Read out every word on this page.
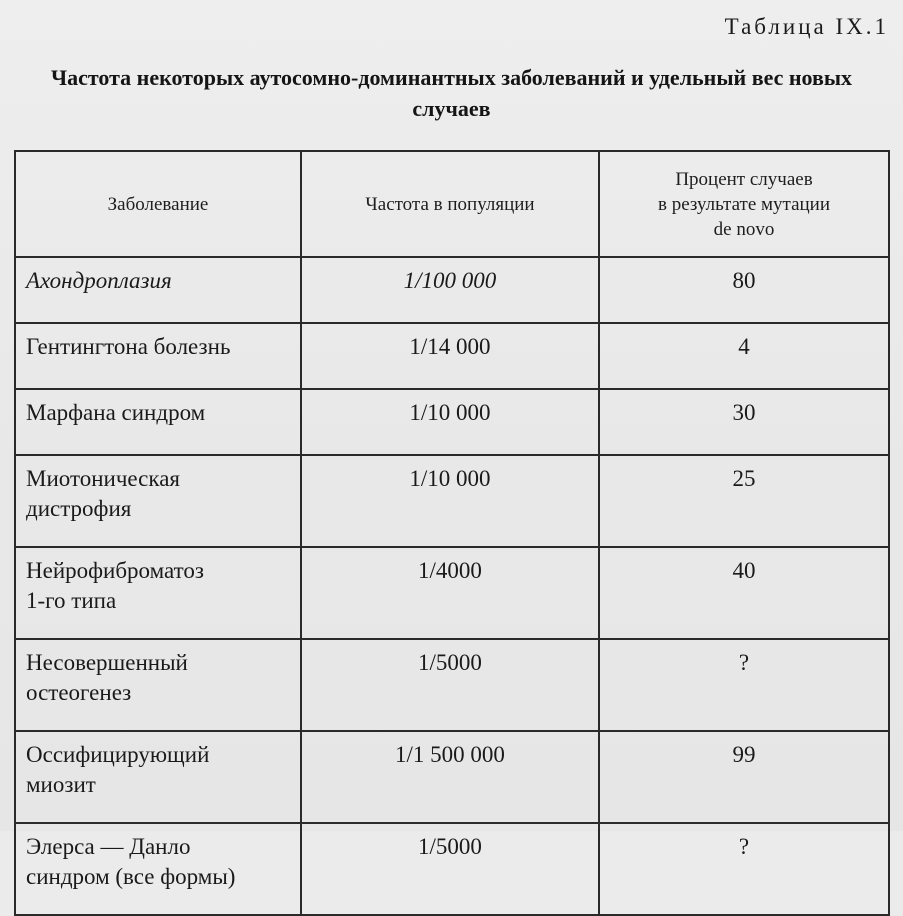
Таблица IX.1
Частота некоторых аутосомно-доминантных заболеваний и удельный вес новых случаев
Заболевание	Частота в популяции	Процент случаев
в результате мутации
de novo

Ахондроплазия	1/100 000	80
Гентингтона болезнь	1/14 000	4
Марфана синдром	1/10 000	30
Миотоническая
дистрофия	1/10 000	25
Нейрофиброматоз
1-го типа	1/4000	40
Несовершенный
остеогенез	1/5000	?
Оссифицирующий
миозит	1/1 500 000	99
Элерса — Данло
синдром (все формы)	1/5000	?
